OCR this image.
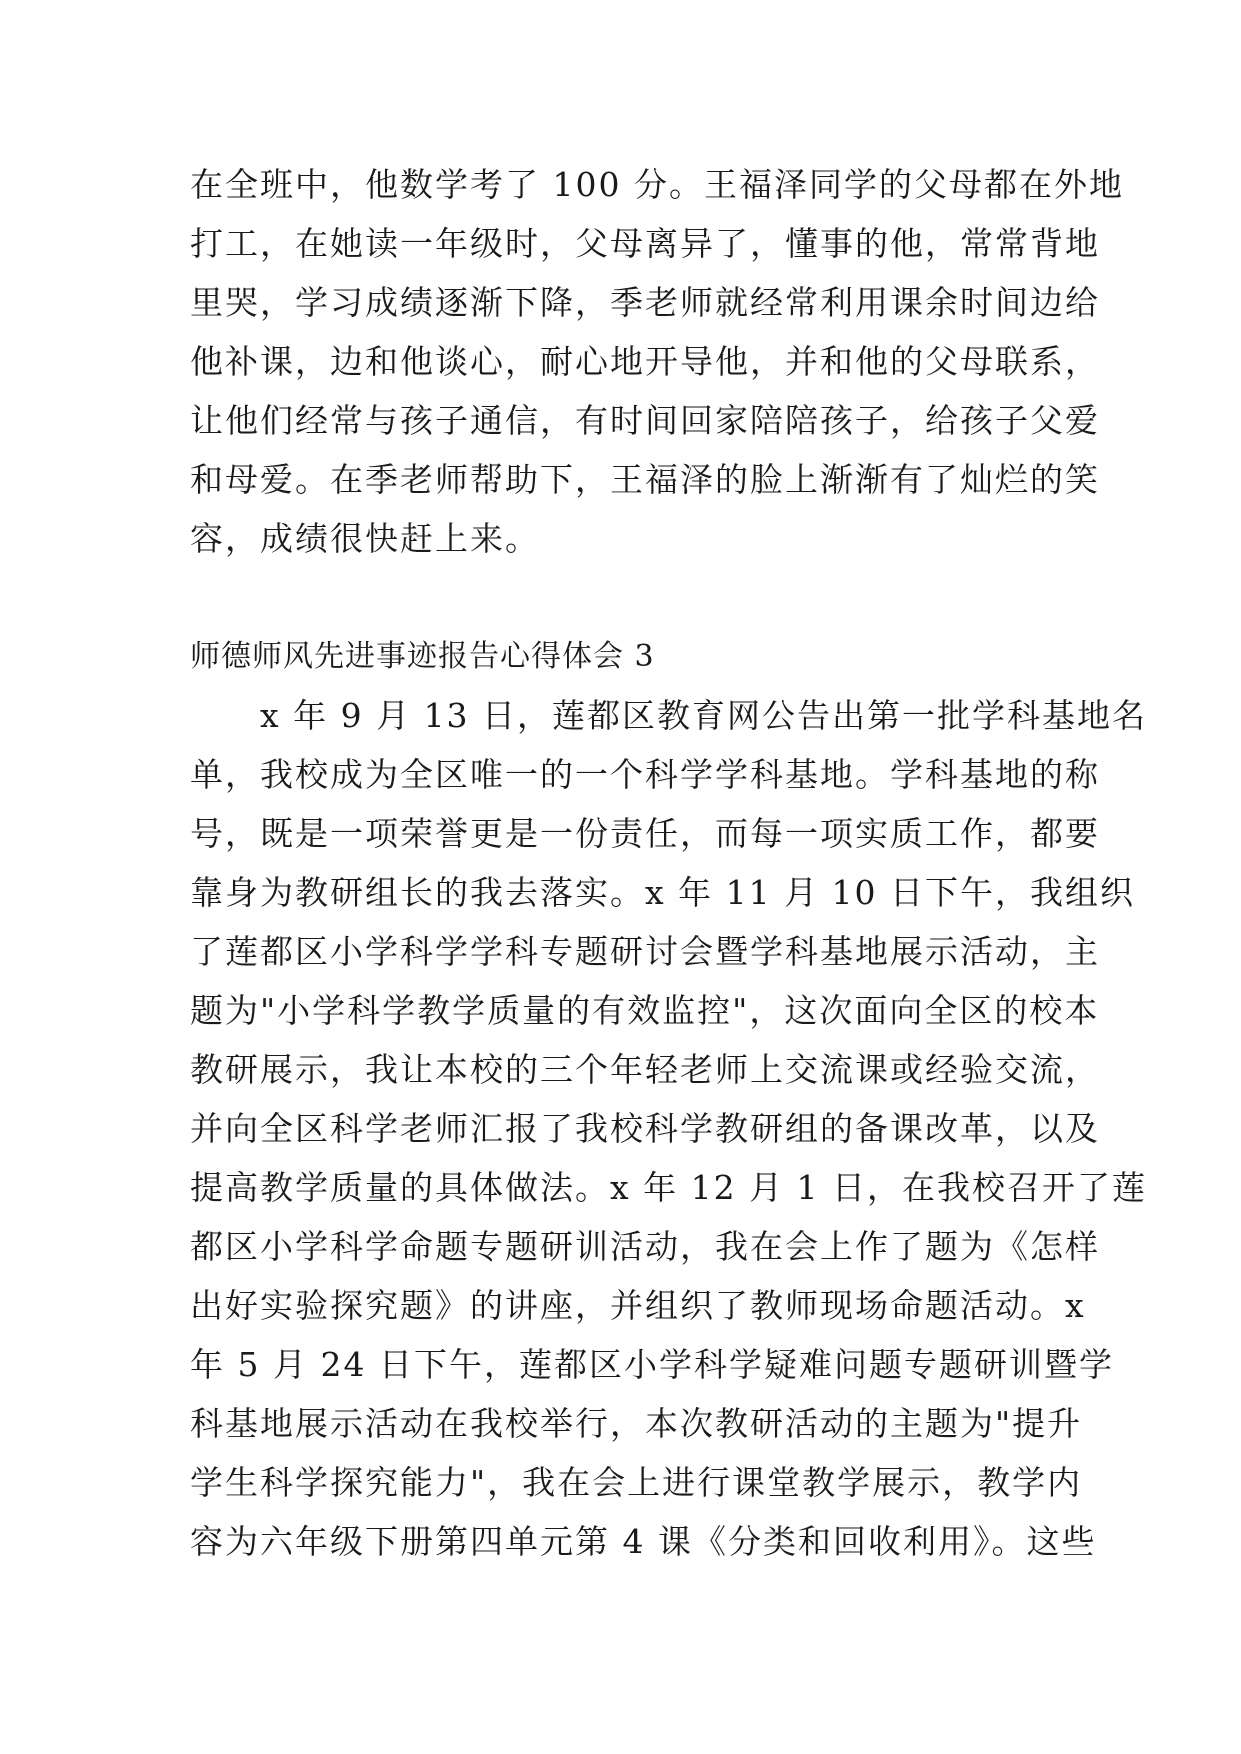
在全班中，他数学考了 100 分。王福泽同学的父母都在外地
打工，在她读一年级时，父母离异了，懂事的他，常常背地
里哭，学习成绩逐渐下降，季老师就经常利用课余时间边给
他补课，边和他谈心，耐心地开导他，并和他的父母联系，
让他们经常与孩子通信，有时间回家陪陪孩子，给孩子父爱
和母爱。在季老师帮助下，王福泽的脸上渐渐有了灿烂的笑
容，成绩很快赶上来。

师德师风先进事迹报告心得体会 3

　　x 年 9 月 13 日，莲都区教育网公告出第一批学科基地名
单，我校成为全区唯一的一个科学学科基地。学科基地的称
号，既是一项荣誉更是一份责任，而每一项实质工作，都要
靠身为教研组长的我去落实。x 年 11 月 10 日下午，我组织
了莲都区小学科学学科专题研讨会暨学科基地展示活动，主
题为"小学科学教学质量的有效监控"，这次面向全区的校本
教研展示，我让本校的三个年轻老师上交流课或经验交流，
并向全区科学老师汇报了我校科学教研组的备课改革，以及
提高教学质量的具体做法。x 年 12 月 1 日，在我校召开了莲
都区小学科学命题专题研训活动，我在会上作了题为《怎样
出好实验探究题》的讲座，并组织了教师现场命题活动。x
年 5 月 24 日下午，莲都区小学科学疑难问题专题研训暨学
科基地展示活动在我校举行，本次教研活动的主题为"提升
学生科学探究能力"，我在会上进行课堂教学展示，教学内
容为六年级下册第四单元第 4 课《分类和回收利用》。这些
